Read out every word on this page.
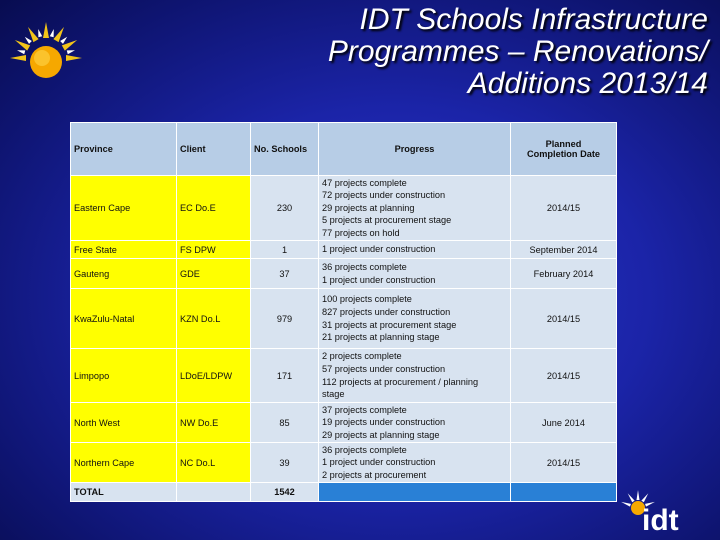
IDT Schools Infrastructure
Programmes – Renovations/
Additions 2013/14
Province	Client	No. Schools	Progress	Planned
Completion Date

Eastern Cape	EC Do.E	230	47 projects complete
72 projects under construction
29 projects at planning
5 projects at procurement stage
77 projects on hold	2014/15
Free State	FS DPW	1	1 project under construction	September 2014
Gauteng	GDE	37	36 projects complete
1 project under construction	February 2014
KwaZulu-Natal	KZN Do.L	979	100 projects complete
827 projects under construction
31 projects at procurement stage
21 projects at planning stage	2014/15
Limpopo	LDoE/LDPW	171	2 projects complete
57 projects under construction
112 projects at procurement / planning
stage	2014/15
North West	NW Do.E	85	37 projects complete
19 projects under construction
29 projects at planning stage	June 2014
Northern Cape	NC Do.L	39	36 projects complete
1 project under construction
2 projects at procurement	2014/15
TOTAL		1542		
idt
